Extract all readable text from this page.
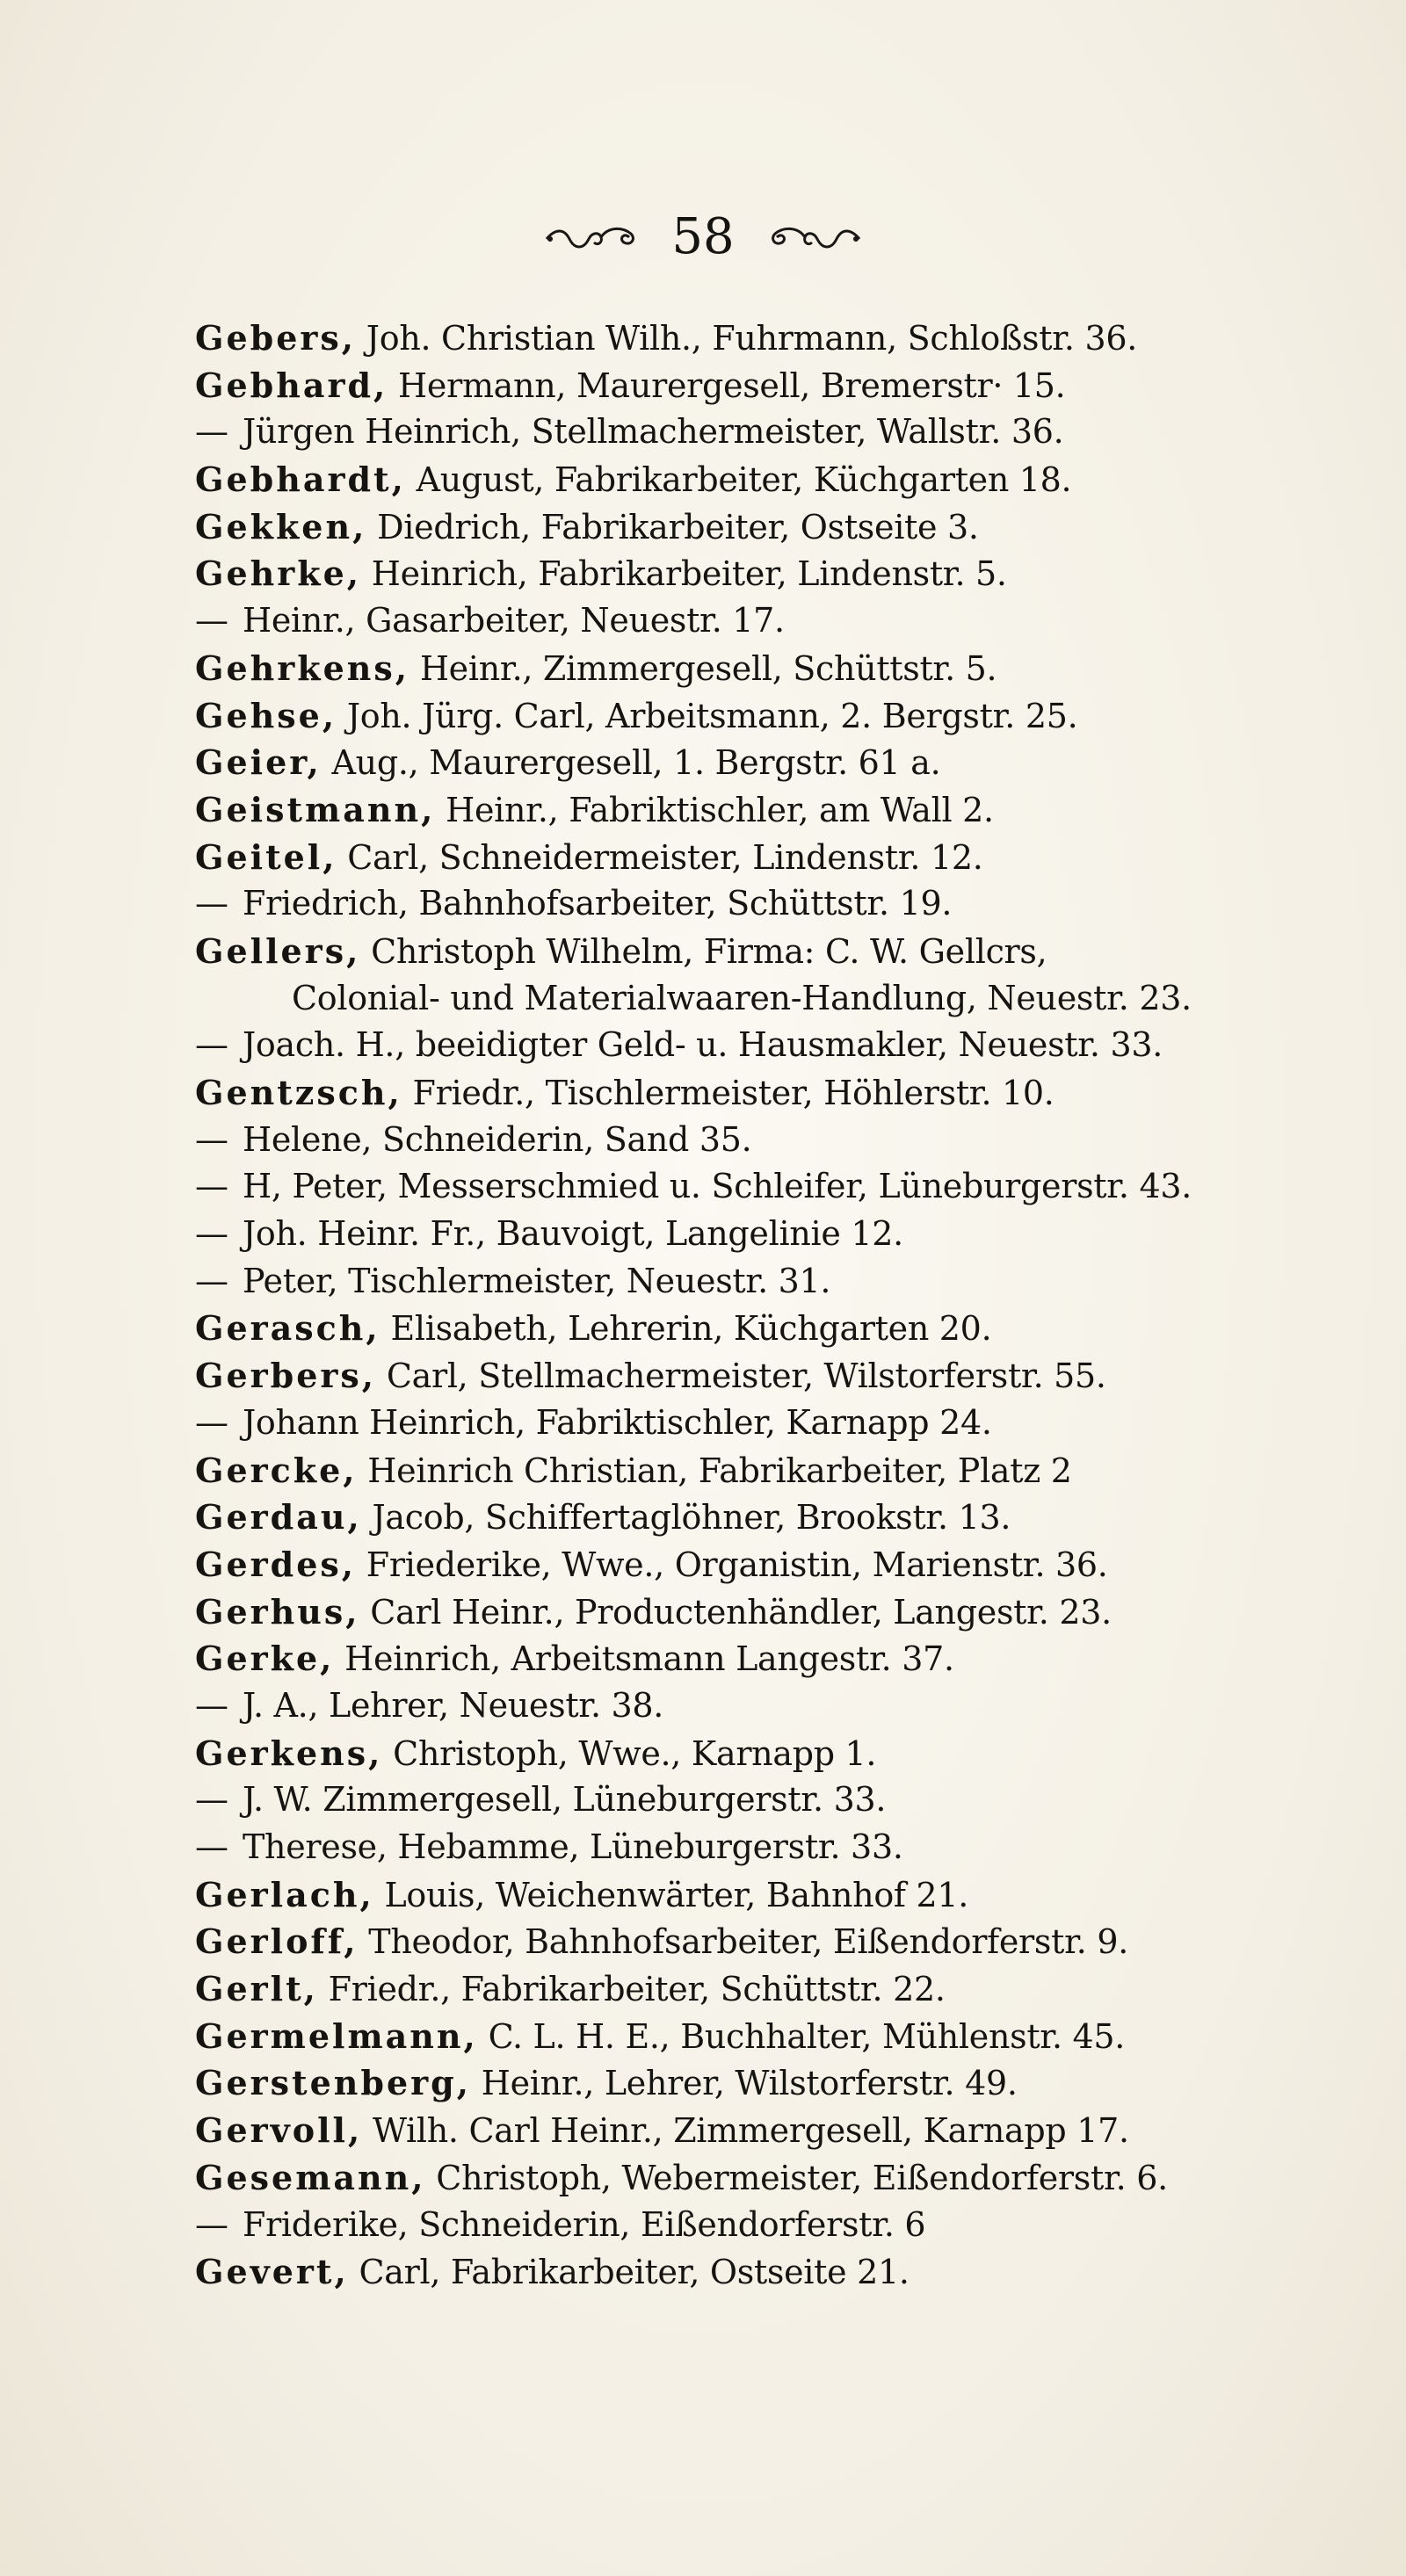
58
Gebers, Joh. Christian Wilh., Fuhrmann, Schloßstr. 36.
Gebhard, Hermann, Maurergesell, Bremerstr· 15.
— Jürgen Heinrich, Stellmachermeister, Wallstr. 36.
Gebhardt, August, Fabrikarbeiter, Küchgarten 18.
Gekken, Diedrich, Fabrikarbeiter, Ostseite 3.
Gehrke, Heinrich, Fabrikarbeiter, Lindenstr. 5.
— Heinr., Gasarbeiter, Neuestr. 17.
Gehrkens, Heinr., Zimmergesell, Schüttstr. 5.
Gehse, Joh. Jürg. Carl, Arbeitsmann, 2. Bergstr. 25.
Geier, Aug., Maurergesell, 1. Bergstr. 61 a.
Geistmann, Heinr., Fabriktischler, am Wall 2.
Geitel, Carl, Schneidermeister, Lindenstr. 12.
— Friedrich, Bahnhofsarbeiter, Schüttstr. 19.
Gellers, Christoph Wilhelm, Firma: C. W. Gellcrs,
Colonial- und Materialwaaren-Handlung, Neuestr. 23.
— Joach. H., beeidigter Geld- u. Hausmakler, Neuestr. 33.
Gentzsch, Friedr., Tischlermeister, Höhlerstr. 10.
— Helene, Schneiderin, Sand 35.
— H, Peter, Messerschmied u. Schleifer, Lüneburgerstr. 43.
— Joh. Heinr. Fr., Bauvoigt, Langelinie 12.
— Peter, Tischlermeister, Neuestr. 31.
Gerasch, Elisabeth, Lehrerin, Küchgarten 20.
Gerbers, Carl, Stellmachermeister, Wilstorferstr. 55.
— Johann Heinrich, Fabriktischler, Karnapp 24.
Gercke, Heinrich Christian, Fabrikarbeiter, Platz 2
Gerdau, Jacob, Schiffertaglöhner, Brookstr. 13.
Gerdes, Friederike, Wwe., Organistin, Marienstr. 36.
Gerhus, Carl Heinr., Productenhändler, Langestr. 23.
Gerke, Heinrich, Arbeitsmann Langestr. 37.
— J. A., Lehrer, Neuestr. 38.
Gerkens, Christoph, Wwe., Karnapp 1.
— J. W. Zimmergesell, Lüneburgerstr. 33.
— Therese, Hebamme, Lüneburgerstr. 33.
Gerlach, Louis, Weichenwärter, Bahnhof 21.
Gerloff, Theodor, Bahnhofsarbeiter, Eißendorferstr. 9.
Gerlt, Friedr., Fabrikarbeiter, Schüttstr. 22.
Germelmann, C. L. H. E., Buchhalter, Mühlenstr. 45.
Gerstenberg, Heinr., Lehrer, Wilstorferstr. 49.
Gervoll, Wilh. Carl Heinr., Zimmergesell, Karnapp 17.
Gesemann, Christoph, Webermeister, Eißendorferstr. 6.
— Friderike, Schneiderin, Eißendorferstr. 6
Gevert, Carl, Fabrikarbeiter, Ostseite 21.
